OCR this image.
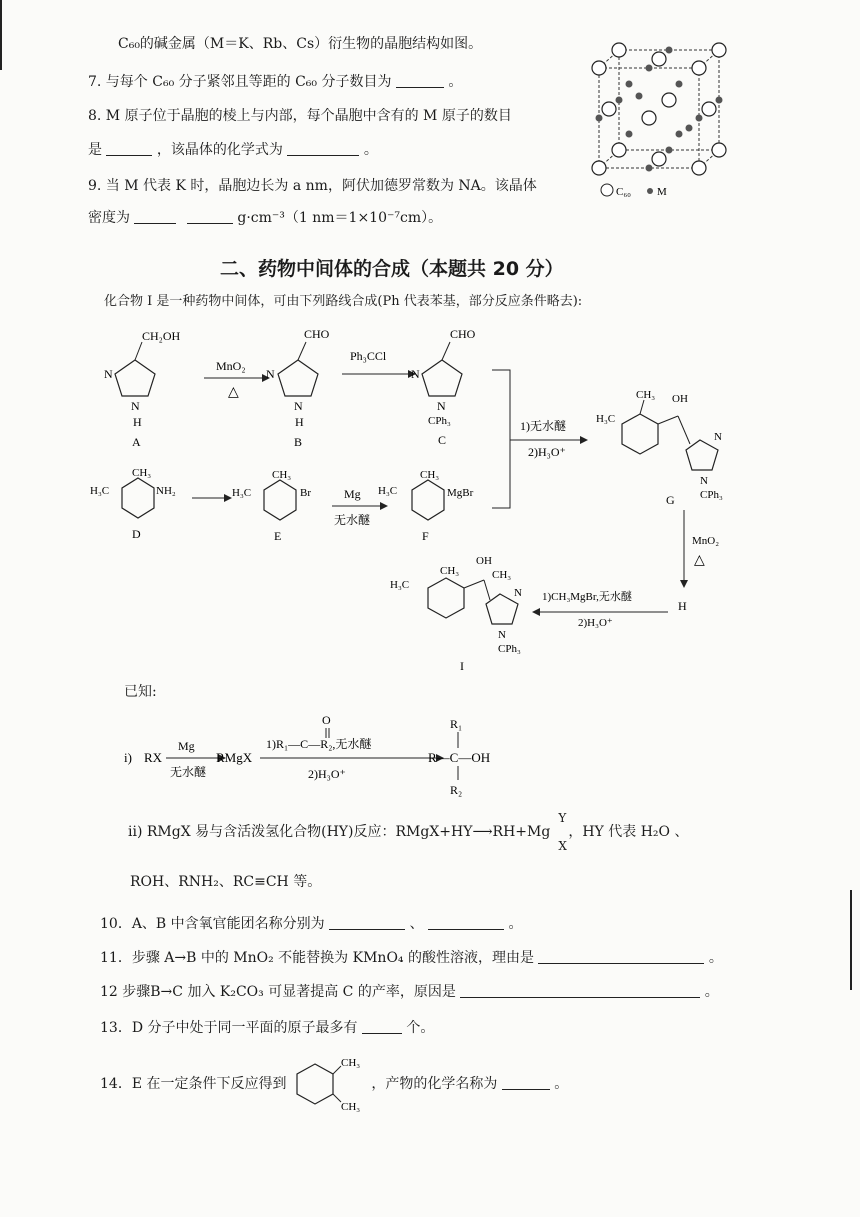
C₆₀的碱金属（M＝K、Rb、Cs）衍生物的晶胞结构如图。
7. 与每个 C₆₀ 分子紧邻且等距的 C₆₀ 分子数目为	。
8. M 原子位于晶胞的棱上与内部，每个晶胞中含有的 M 原子的数目
是	，该晶体的化学式为	。
9. 当 M 代表 K 时，晶胞边长为 a nm，阿伏加德罗常数为 NA。该晶体
密度为	g·cm⁻³（1 nm＝1×10⁻⁷cm）。
C₆₀ M
二、药物中间体的合成（本题共 20 分）
化合物 I 是一种药物中间体，可由下列路线合成(Ph 代表苯基，部分反应条件略去):
CH₂OH
N
N
H
A
MnO₂
△
CHO
N
N
H
B
Ph₃CCl
CHO
N
N
CPh₃
C
1)无水醚
2)H₃O⁺
CH₃
H₃C
OH
N
N
CPh₃
G
CH₃
H₃C	NH₂
D
CH₃
H₃C	Br
E
Mg
无水醚
CH₃
H₃C	MgBr
F	MnO₂
△
H
1)CH₃MgBr,无水醚
2)H₃O⁺
CH₃
H₃C
OH
CH₃
N
N
CPh₃
I
已知:
i) RX
Mg
无水醚
RMgX
O
1)R₁—C—R₂,无水醚
2)H₃O⁺
R₁
R—C—OH
R₂
ii) RMgX 易与含活泼氢化合物(HY)反应：RMgX+HY⟶RH+Mg
Y
X
，HY 代表 H₂O 、
ROH、RNH₂、RC≡CH 等。
10．A、B 中含氧官能团名称分别为	、	。
11．步骤 A→B 中的 MnO₂ 不能替换为 KMnO₄ 的酸性溶液，理由是	。
12 步骤B→C 加入 K₂CO₃ 可显著提高 C 的产率，原因是	。
13．D 分子中处于同一平面的原子最多有	个。
14．E 在一定条件下反应得到
CH₃
CH₃
，产物的化学名称为	。
